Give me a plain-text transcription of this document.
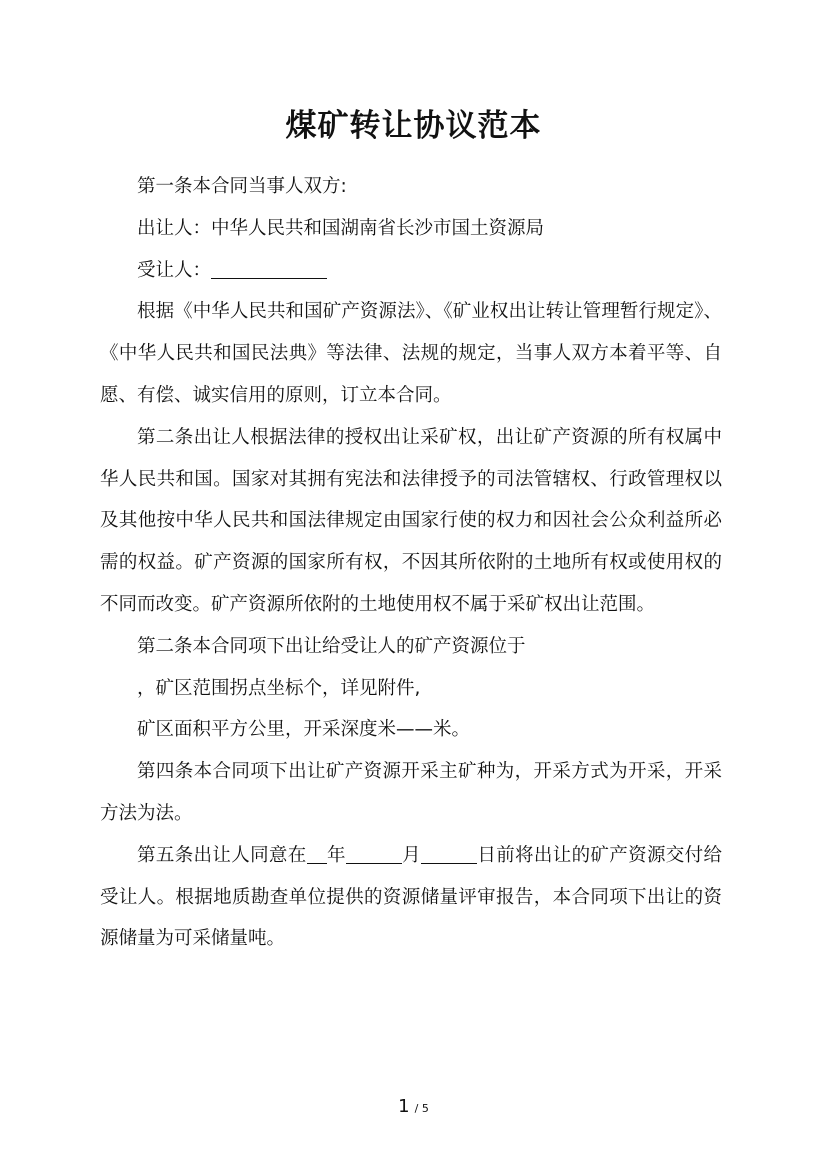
煤矿转让协议范本

第一条本合同当事人双方:

出让人：中华人民共和国湖南省长沙市国土资源局

受让人：

根据《中华人民共和国矿产资源法》、《矿业权出让转让管理暂行规定》、《中华人民共和国民法典》等法律、法规的规定，当事人双方本着平等、自愿、有偿、诚实信用的原则，订立本合同。

第二条出让人根据法律的授权出让采矿权，出让矿产资源的所有权属中华人民共和国。国家对其拥有宪法和法律授予的司法管辖权、行政管理权以及其他按中华人民共和国法律规定由国家行使的权力和因社会公众利益所必需的权益。矿产资源的国家所有权，不因其所依附的土地所有权或使用权的不同而改变。矿产资源所依附的土地使用权不属于采矿权出让范围。

第二条本合同项下出让给受让人的矿产资源位于

，矿区范围拐点坐标个，详见附件,

矿区面积平方公里，开采深度米——米。

第四条本合同项下出让矿产资源开采主矿种为，开采方式为开采，开采方法为法。

第五条出让人同意在 年	月	日前将出让的矿产资源交付给受让人。根据地质勘查单位提供的资源储量评审报告，本合同项下出让的资源储量为可采储量吨。

1 / 5
